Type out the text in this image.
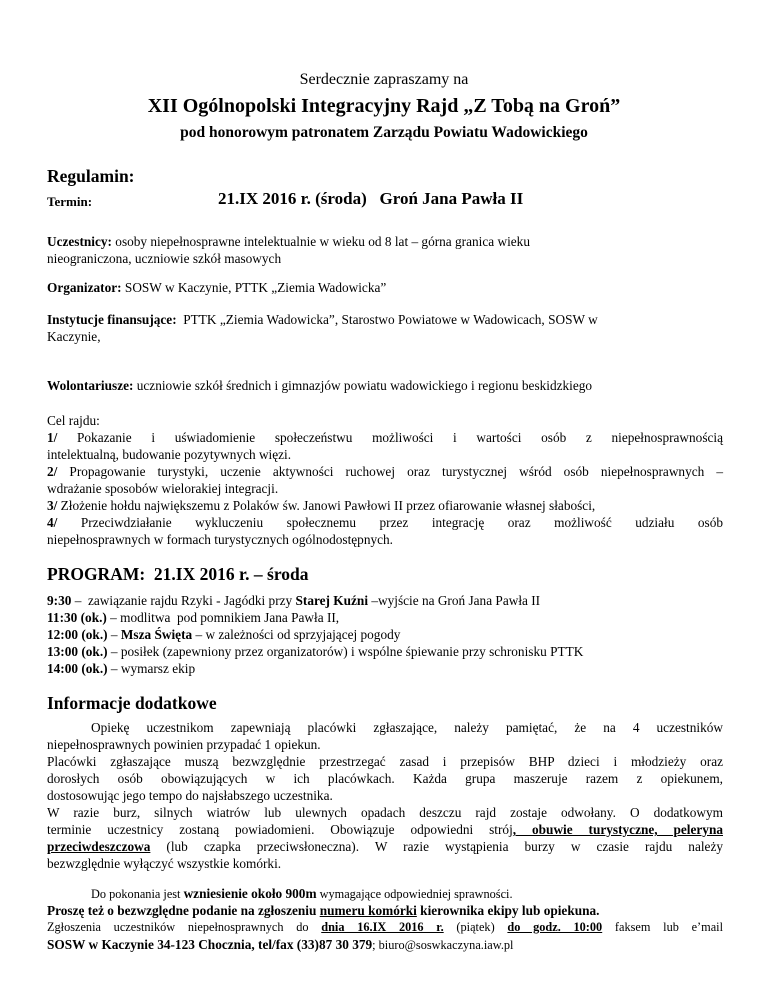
Serdecznie zapraszamy na
XII Ogólnopolski Integracyjny Rajd „Z Tobą na Groń”
pod honorowym patronatem Zarządu Powiatu Wadowickiego
Regulamin:
Termin:	21.IX 2016 r. (środa)   Groń Jana Pawła II
Uczestnicy: osoby niepełnosprawne intelektualnie w wieku od 8 lat – górna granica wieku
nieograniczona, uczniowie szkół masowych
Organizator: SOSW w Kaczynie, PTTK „Ziemia Wadowicka”
Instytucje finansujące:  PTTK „Ziemia Wadowicka”, Starostwo Powiatowe w Wadowicach, SOSW w
Kaczynie,
Wolontariusze: uczniowie szkół średnich i gimnazjów powiatu wadowickiego i regionu beskidzkiego
Cel rajdu:
1/ Pokazanie i uświadomienie społeczeństwu możliwości i wartości osób z niepełnosprawnością
intelektualną, budowanie pozytywnych więzi.
2/ Propagowanie turystyki, uczenie aktywności ruchowej oraz turystycznej wśród osób niepełnosprawnych –
wdrażanie sposobów wielorakiej integracji.
3/ Złożenie hołdu największemu z Polaków św. Janowi Pawłowi II przez ofiarowanie własnej słabości,
4/ Przeciwdziałanie wykluczeniu społecznemu przez integrację oraz możliwość udziału osób
niepełnosprawnych w formach turystycznych ogólnodostępnych.
PROGRAM:  21.IX 2016 r. – środa
9:30 –  zawiązanie rajdu Rzyki - Jagódki przy Starej Kuźni –wyjście na Groń Jana Pawła II
11:30 (ok.) – modlitwa  pod pomnikiem Jana Pawła II,
12:00 (ok.) – Msza Święta – w zależności od sprzyjającej pogody
13:00 (ok.) – posiłek (zapewniony przez organizatorów) i wspólne śpiewanie przy schronisku PTTK
14:00 (ok.) – wymarsz ekip
Informacje dodatkowe
Opiekę uczestnikom zapewniają placówki zgłaszające, należy pamiętać, że na 4 uczestników
niepełnosprawnych powinien przypadać 1 opiekun.
Placówki zgłaszające muszą bezwzględnie przestrzegać zasad i przepisów BHP dzieci i młodzieży oraz
dorosłych osób obowiązujących w ich placówkach. Każda grupa maszeruje razem z opiekunem,
dostosowując jego tempo do najsłabszego uczestnika.
W razie burz, silnych wiatrów lub ulewnych opadach deszczu rajd zostaje odwołany. O dodatkowym
terminie uczestnicy zostaną powiadomieni. Obowiązuje odpowiedni strój, obuwie turystyczne, peleryna
przeciwdeszczowa (lub czapka przeciwsłoneczna). W razie wystąpienia burzy w czasie rajdu należy
bezwzględnie wyłączyć wszystkie komórki.
Do pokonania jest wzniesienie około 900m wymagające odpowiedniej sprawności.
Proszę też o bezwzględne podanie na zgłoszeniu numeru komórki kierownika ekipy lub opiekuna.
Zgłoszenia uczestników niepełnosprawnych do dnia 16.IX 2016 r. (piątek) do godz. 10:00 faksem lub e’mail
SOSW w Kaczynie 34-123 Chocznia, tel/fax (33)87 30 379; biuro@soswkaczyna.iaw.pl
